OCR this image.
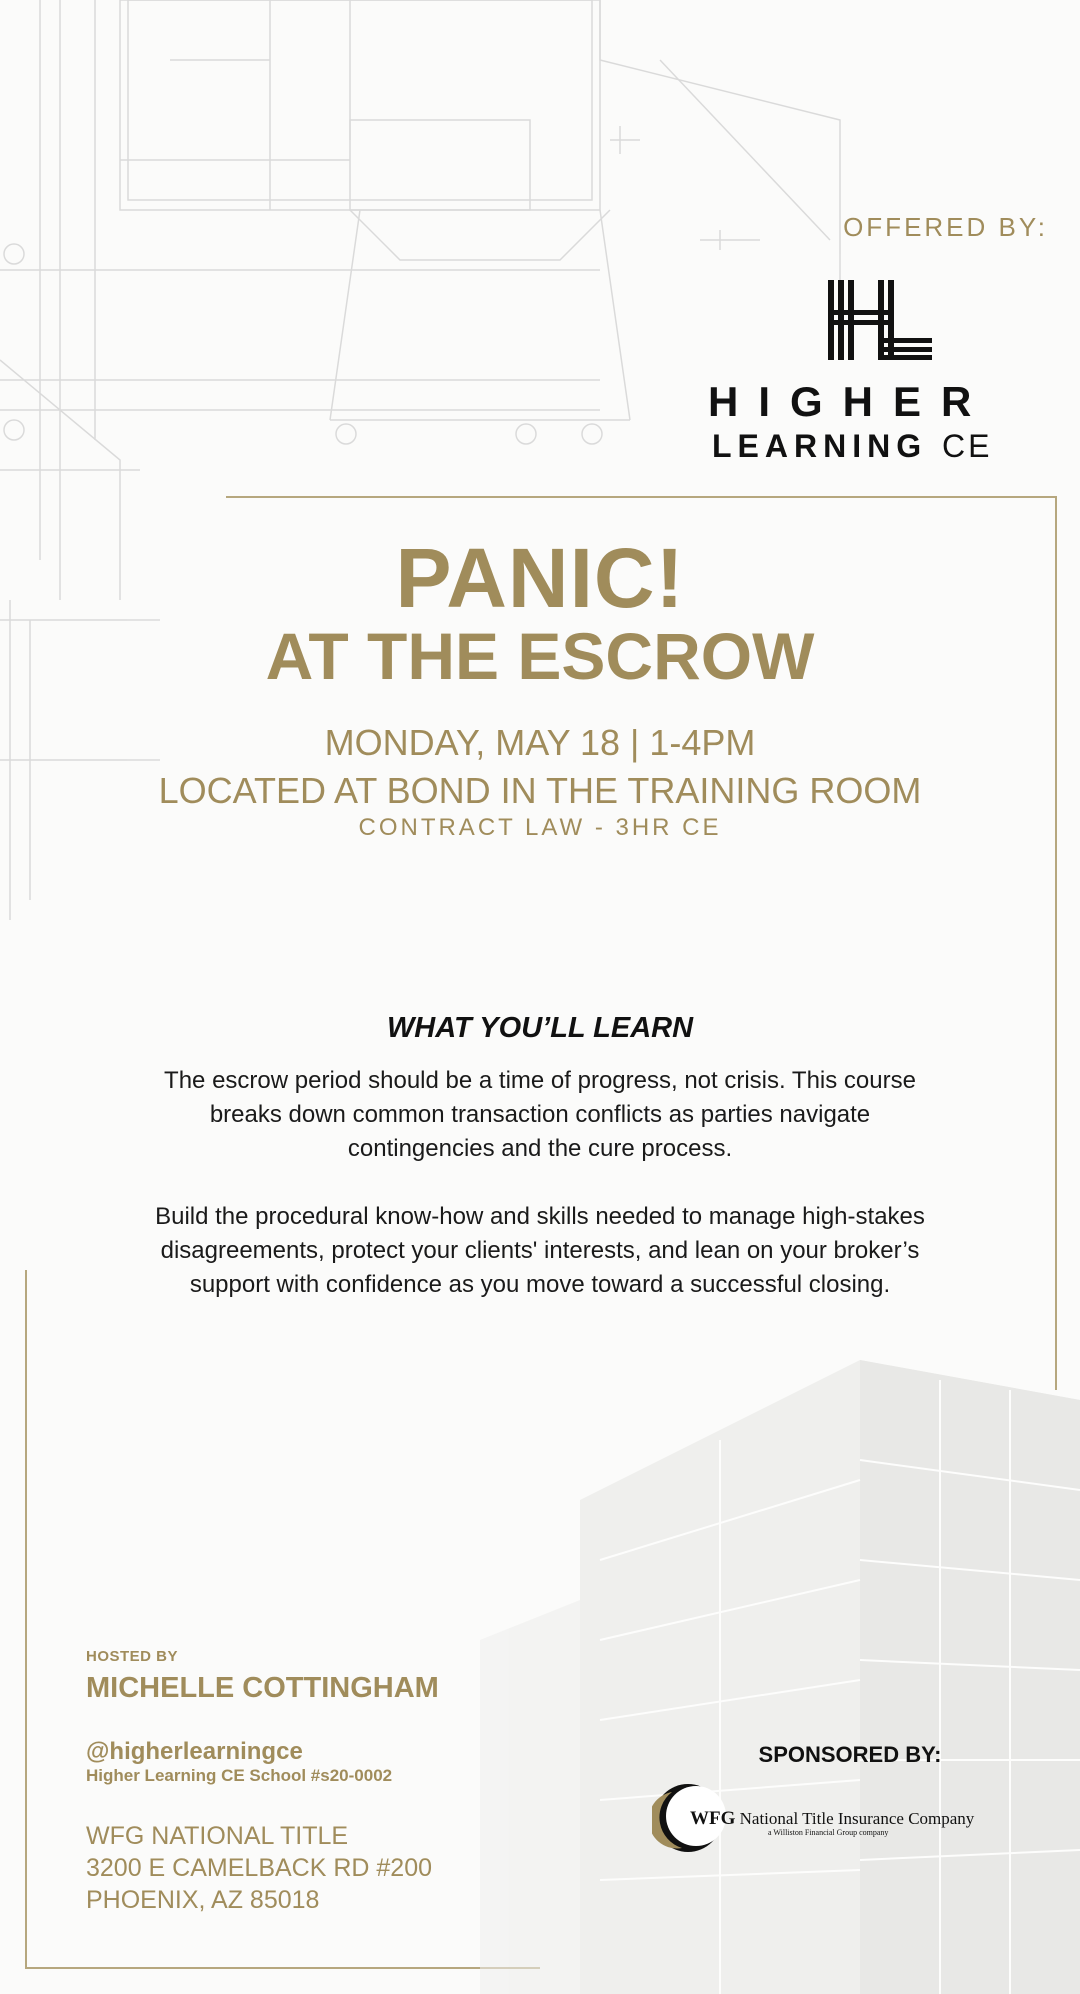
OFFERED BY:
HIGHER
LEARNING CE
PANIC!
AT THE ESCROW
MONDAY, MAY 18 | 1-4PM
LOCATED AT BOND IN THE TRAINING ROOM
CONTRACT LAW - 3HR CE
WHAT YOU’LL LEARN
The escrow period should be a time of progress, not crisis. This course breaks down common transaction conflicts as parties navigate contingencies and the cure process.
Build the procedural know-how and skills needed to manage high-stakes disagreements, protect your clients' interests, and lean on your broker’s support with confidence as you move toward a successful closing.
HOSTED BY
MICHELLE COTTINGHAM
@higherlearningce
Higher Learning CE School #s20-0002
WFG NATIONAL TITLE
3200 E CAMELBACK RD #200
PHOENIX, AZ 85018
SPONSORED BY:
WFG National Title Insurance Company
a Williston Financial Group company
